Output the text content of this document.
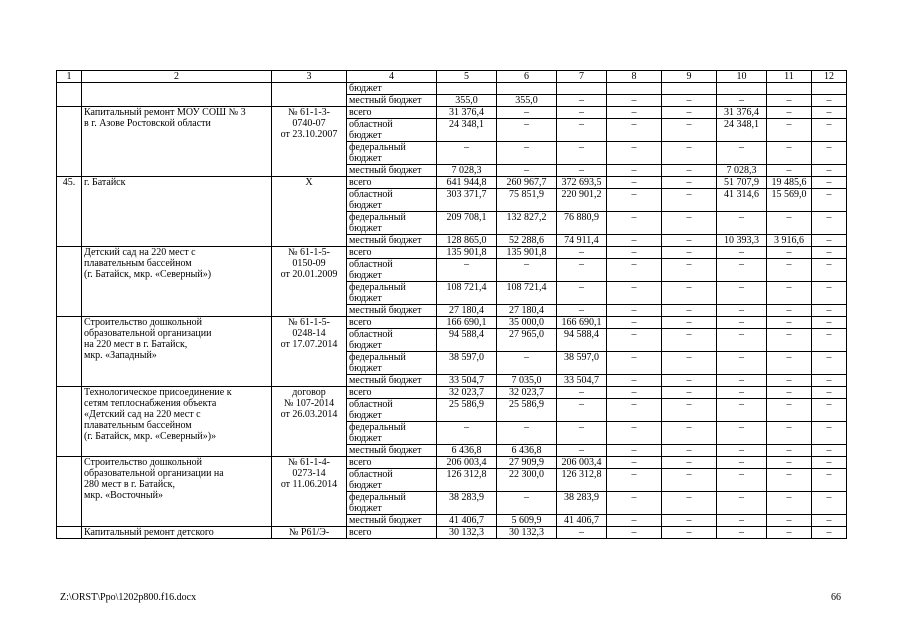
1	2	3	4	5	6	7	8	9	10	11	12
			бюджет								
			местный бюджет	355,0	355,0	–	–	–	–	–	–
	Капитальный ремонт МОУ СОШ № 3
в г. Азове Ростовской области	№ 61-1-3-
0740-07
от 23.10.2007	всего	31 376,4	–	–	–	–	31 376,4	–	–
			областной
бюджет	24 348,1	–	–	–	–	24 348,1	–	–
			федеральный
бюджет	–	–	–	–	–	–	–	–
			местный бюджет	7 028,3	–	–	–	–	7 028,3	–	–
45.	г. Батайск	X	всего	641 944,8	260 967,7	372 693,5	–	–	51 707,9	19 485,6	–
			областной
бюджет	303 371,7	75 851,9	220 901,2	–	–	41 314,6	15 569,0	–
			федеральный
бюджет	209 708,1	132 827,2	76 880,9	–	–	–	–	–
			местный бюджет	128 865,0	52 288,6	74 911,4	–	–	10 393,3	3 916,6	–
	Детский сад на 220 мест с
плавательным бассейном
(г. Батайск, мкр. «Северный»)	№ 61-1-5-
0150-09
от 20.01.2009	всего	135 901,8	135 901,8	–	–	–	–	–	–
			областной
бюджет	–	–	–	–	–	–	–	–
			федеральный
бюджет	108 721,4	108 721,4	–	–	–	–	–	–
			местный бюджет	27 180,4	27 180,4	–	–	–	–	–	–
	Строительство дошкольной
образовательной организации
на 220 мест в г. Батайск,
мкр. «Западный»	№ 61-1-5-
0248-14
от 17.07.2014	всего	166 690,1	35 000,0	166 690,1	–	–	–	–	–
			областной
бюджет	94 588,4	27 965,0	94 588,4	–	–	–	–	–
			федеральный
бюджет	38 597,0	–	38 597,0	–	–	–	–	–
			местный бюджет	33 504,7	7 035,0	33 504,7	–	–	–	–	–
	Технологическое присоединение к
сетям теплоснабжения объекта
«Детский сад на 220 мест с
плавательным бассейном
(г. Батайск, мкр. «Северный»)»	договор
№ 107-2014
от 26.03.2014	всего	32 023,7	32 023,7	–	–	–	–	–	–
			областной
бюджет	25 586,9	25 586,9	–	–	–	–	–	–
			федеральный
бюджет	–	–	–	–	–	–	–	–
			местный бюджет	6 436,8	6 436,8	–	–	–	–	–	–
	Строительство дошкольной
образовательной организации на
280 мест в г. Батайск,
мкр. «Восточный»	№ 61-1-4-
0273-14
от 11.06.2014	всего	206 003,4	27 909,9	206 003,4	–	–	–	–	–
			областной
бюджет	126 312,8	22 300,0	126 312,8	–	–	–	–	–
			федеральный
бюджет	38 283,9	–	38 283,9	–	–	–	–	–
			местный бюджет	41 406,7	5 609,9	41 406,7	–	–	–	–	–
	Капитальный ремонт детского	№ Р61/Э-	всего	30 132,3	30 132,3	–	–	–	–	–	–
Z:\ORST\Ppo\1202p800.f16.docx	66
